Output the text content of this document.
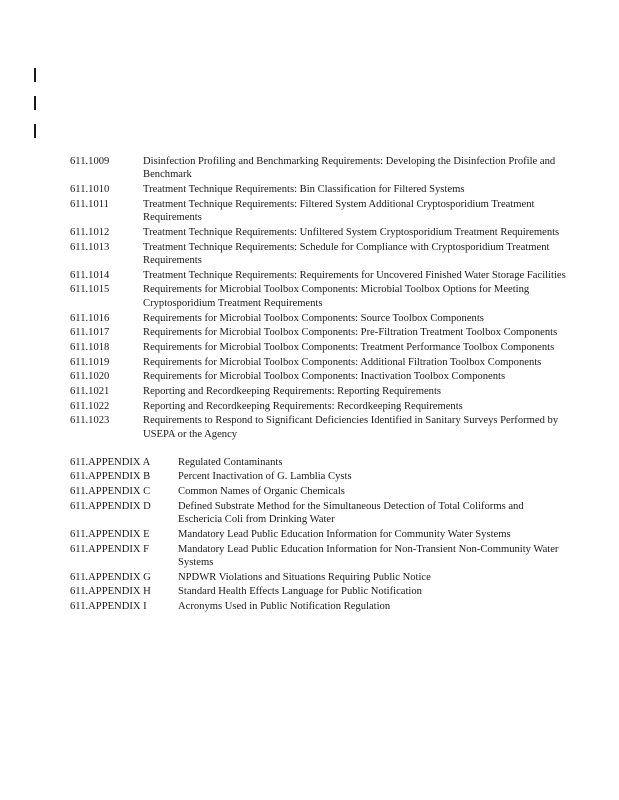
611.1009	Disinfection Profiling and Benchmarking Requirements: Developing the Disinfection Profile and Benchmark
611.1010	Treatment Technique Requirements: Bin Classification for Filtered Systems
611.1011	Treatment Technique Requirements: Filtered System Additional Cryptosporidium Treatment Requirements
611.1012	Treatment Technique Requirements: Unfiltered System Cryptosporidium Treatment Requirements
611.1013	Treatment Technique Requirements: Schedule for Compliance with Cryptosporidium Treatment Requirements
611.1014	Treatment Technique Requirements: Requirements for Uncovered Finished Water Storage Facilities
611.1015	Requirements for Microbial Toolbox Components: Microbial Toolbox Options for Meeting Cryptosporidium Treatment Requirements
611.1016	Requirements for Microbial Toolbox Components: Source Toolbox Components
611.1017	Requirements for Microbial Toolbox Components: Pre-Filtration Treatment Toolbox Components
611.1018	Requirements for Microbial Toolbox Components: Treatment Performance Toolbox Components
611.1019	Requirements for Microbial Toolbox Components: Additional Filtration Toolbox Components
611.1020	Requirements for Microbial Toolbox Components: Inactivation Toolbox Components
611.1021	Reporting and Recordkeeping Requirements: Reporting Requirements
611.1022	Reporting and Recordkeeping Requirements: Recordkeeping Requirements
611.1023	Requirements to Respond to Significant Deficiencies Identified in Sanitary Surveys Performed by USEPA or the Agency
611.APPENDIX A	Regulated Contaminants
611.APPENDIX B	Percent Inactivation of G. Lamblia Cysts
611.APPENDIX C	Common Names of Organic Chemicals
611.APPENDIX D	Defined Substrate Method for the Simultaneous Detection of Total Coliforms and Eschericia Coli from Drinking Water
611.APPENDIX E	Mandatory Lead Public Education Information for Community Water Systems
611.APPENDIX F	Mandatory Lead Public Education Information for Non-Transient Non-Community Water Systems
611.APPENDIX G	NPDWR Violations and Situations Requiring Public Notice
611.APPENDIX H	Standard Health Effects Language for Public Notification
611.APPENDIX I	Acronyms Used in Public Notification Regulation
